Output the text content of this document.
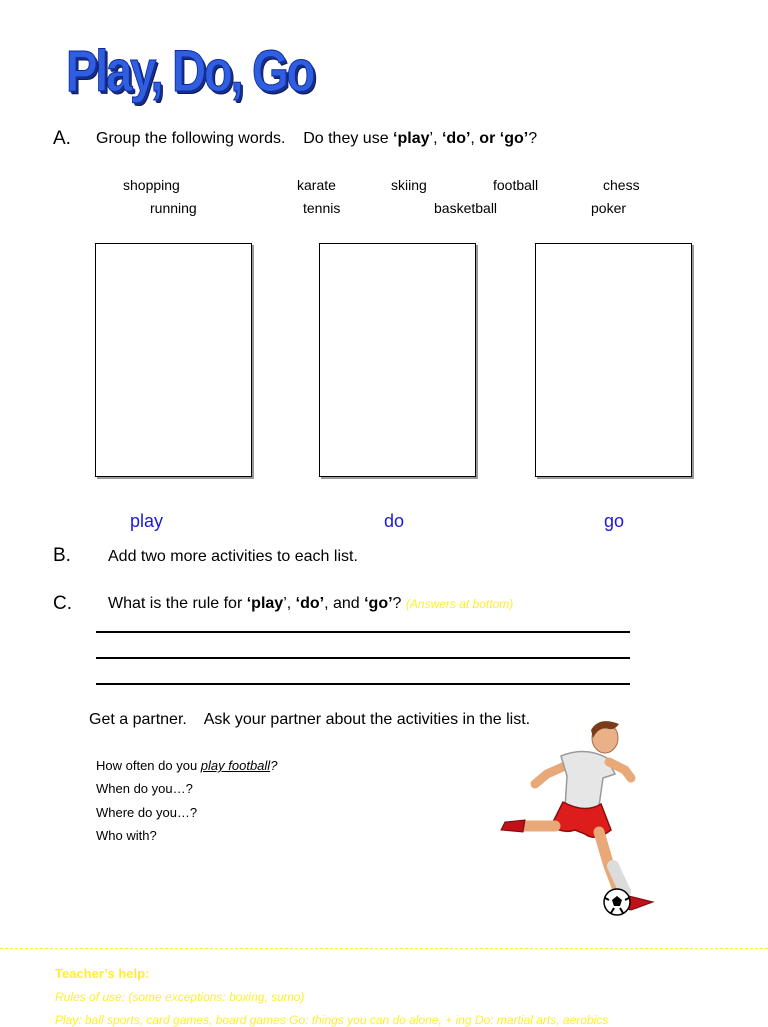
Play, Do, Go
A. Group the following words.    Do they use ‘play’, ‘do’, or ‘go’?
shopping	karate	skiing	football	chess
running	tennis	basketball	poker
play	do	go
B. Add two more activities to each list.
C. What is the rule for ‘play’, ‘do’, and ‘go’? (Answers at bottom)
Get a partner.    Ask your partner about the activities in the list.
How often do you play football?
When do you…?
Where do you…?
Who with?
Teacher’s help:
Rules of use: (some exceptions: boxing, sumo)
Play: ball sports, card games, board games Go: things you can do alone, + ing Do: martial arts, aerobics
